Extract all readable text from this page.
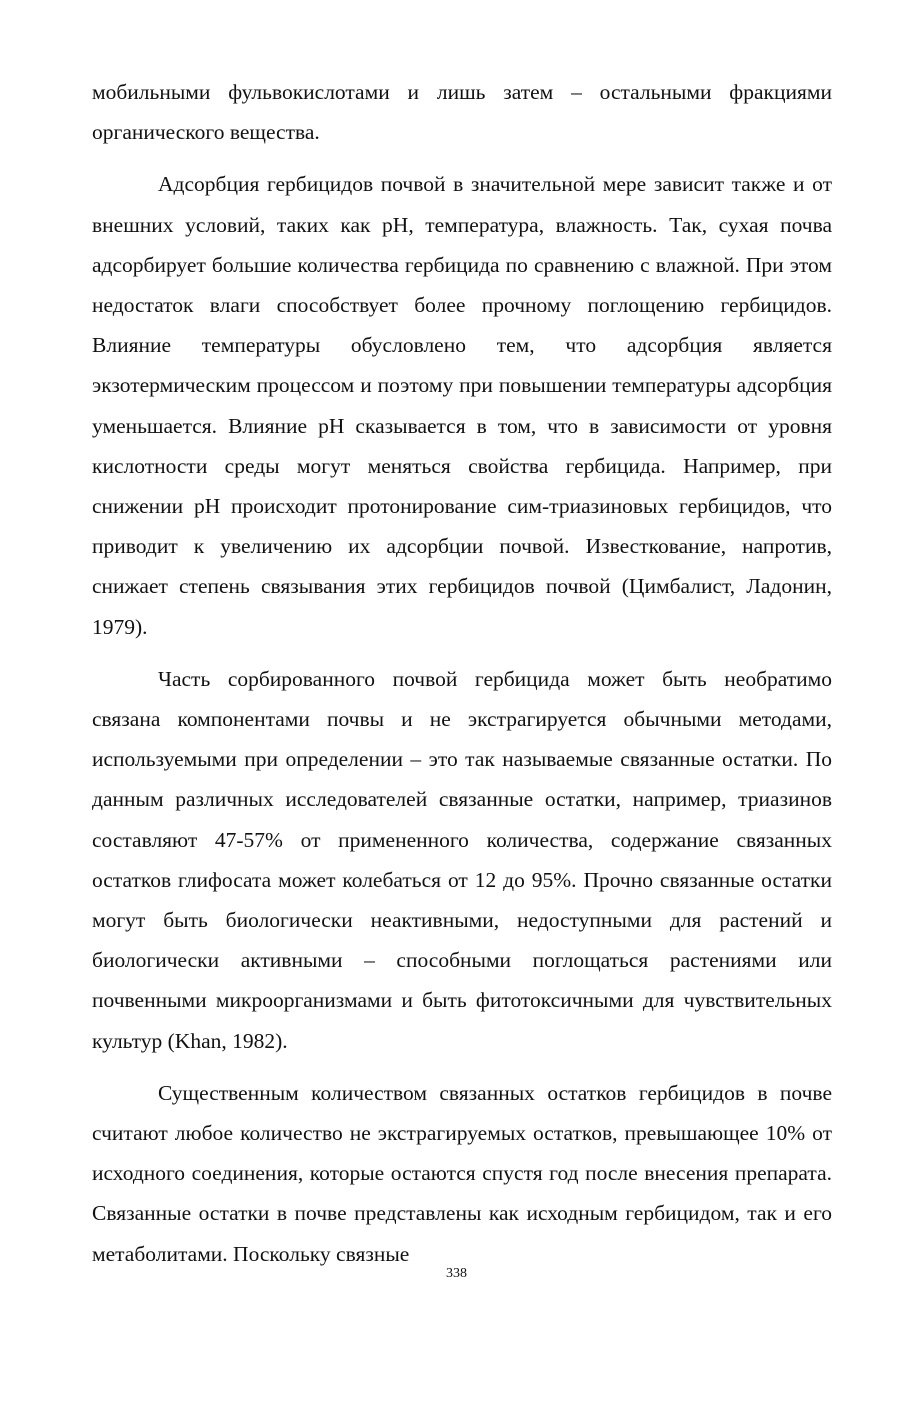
мобильными фульвокислотами и лишь затем – остальными фракциями органического вещества.

Адсорбция гербицидов почвой в значительной мере зависит также и от внешних условий, таких как pH, температура, влажность. Так, сухая почва адсорбирует большие количества гербицида по сравнению с влажной. При этом недостаток влаги способствует более прочному поглощению гербицидов. Влияние температуры обусловлено тем, что адсорбция является экзотермическим процессом и поэтому при повышении температуры адсорбция уменьшается. Влияние pH сказывается в том, что в зависимости от уровня кислотности среды могут меняться свойства гербицида. Например, при снижении pH происходит протонирование сим-триазиновых гербицидов, что приводит к увеличению их адсорбции почвой. Известкование, напротив, снижает степень связывания этих гербицидов почвой (Цимбалист, Ладонин, 1979).

Часть сорбированного почвой гербицида может быть необратимо связана компонентами почвы и не экстрагируется обычными методами, используемыми при определении – это так называемые связанные остатки. По данным различных исследователей связанные остатки, например, триазинов составляют 47-57% от примененного количества, содержание связанных остатков глифосата может колебаться от 12 до 95%. Прочно связанные остатки могут быть биологически неактивными, недоступными для растений и биологически активными – способными поглощаться растениями или почвенными микроорганизмами и быть фитотоксичными для чувствительных культур (Khan, 1982).

Существенным количеством связанных остатков гербицидов в почве считают любое количество не экстрагируемых остатков, превышающее 10% от исходного соединения, которые остаются спустя год после внесения препарата. Связанные остатки в почве представлены как исходным гербицидом, так и его метаболитами. Поскольку связные

338
